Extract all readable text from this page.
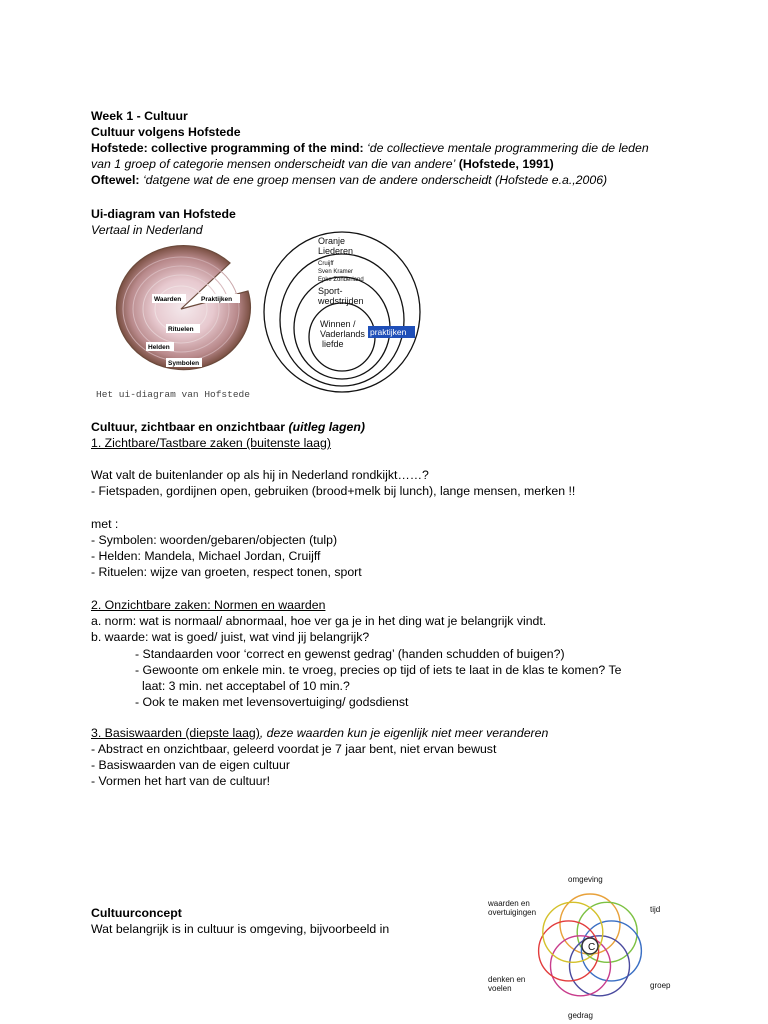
Week 1 - Cultuur
Cultuur volgens Hofstede
Hofstede: collective programming of the mind: ‘de collectieve mentale programmering die de leden
van 1 groep of categorie mensen onderscheidt van die van andere’ (Hofstede, 1991)
Oftewel: ‘datgene wat de ene groep mensen van de andere onderscheidt (Hofstede e.a.,2006)
Ui-diagram van Hofstede
Vertaal in Nederland
Waarden	Praktijken
Rituelen
Helden
Symbolen
Het ui-diagram van Hofstede
Oranje
Liederen
Cruijff
Sven Kramer
Epke Zonderland
Sport-
wedstrijden
Winnen /
Vaderlands
liefde
praktijken
Cultuur, zichtbaar en onzichtbaar (uitleg lagen)
1. Zichtbare/Tastbare zaken (buitenste laag)
Wat valt de buitenlander op als hij in Nederland rondkijkt……?
- Fietspaden, gordijnen open, gebruiken (brood+melk bij lunch), lange mensen, merken !!
met :
- Symbolen: woorden/gebaren/objecten (tulp)
- Helden: Mandela, Michael Jordan, Cruijff
- Rituelen: wijze van groeten, respect tonen, sport
2. Onzichtbare zaken: Normen en waarden
a. norm: wat is normaal/ abnormaal, hoe ver ga je in het ding wat je belangrijk vindt.
b. waarde: wat is goed/ juist, wat vind jij belangrijk?
- Standaarden voor ‘correct en gewenst gedrag’ (handen schudden of buigen?)
- Gewoonte om enkele min. te vroeg, precies op tijd of iets te laat in de klas te komen? Te
laat: 3 min. net acceptabel of 10 min.?
- Ook te maken met levensovertuiging/ godsdienst
3. Basiswaarden (diepste laag), deze waarden kun je eigenlijk niet meer veranderen
- Abstract en onzichtbaar, geleerd voordat je 7 jaar bent, niet ervan bewust
- Basiswaarden van de eigen cultuur
- Vormen het hart van de cultuur!
Cultuurconcept
Wat belangrijk is in cultuur is omgeving, bijvoorbeeld in
omgeving
tijd
groep
gedrag
denken en
voelen
waarden en
overtuigingen
C
